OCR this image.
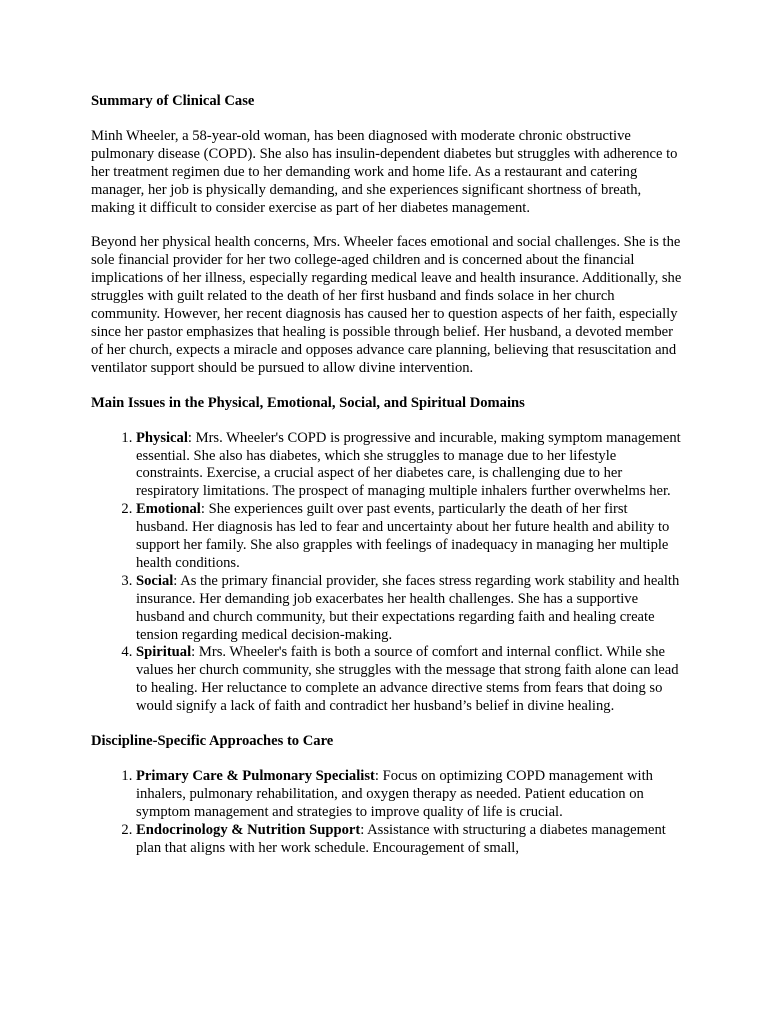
Summary of Clinical Case

Minh Wheeler, a 58-year-old woman, has been diagnosed with moderate chronic obstructive pulmonary disease (COPD). She also has insulin-dependent diabetes but struggles with adherence to her treatment regimen due to her demanding work and home life. As a restaurant and catering manager, her job is physically demanding, and she experiences significant shortness of breath, making it difficult to consider exercise as part of her diabetes management.

Beyond her physical health concerns, Mrs. Wheeler faces emotional and social challenges. She is the sole financial provider for her two college-aged children and is concerned about the financial implications of her illness, especially regarding medical leave and health insurance. Additionally, she struggles with guilt related to the death of her first husband and finds solace in her church community. However, her recent diagnosis has caused her to question aspects of her faith, especially since her pastor emphasizes that healing is possible through belief. Her husband, a devoted member of her church, expects a miracle and opposes advance care planning, believing that resuscitation and ventilator support should be pursued to allow divine intervention.

Main Issues in the Physical, Emotional, Social, and Spiritual Domains
1. Physical: Mrs. Wheeler's COPD is progressive and incurable, making symptom management essential. She also has diabetes, which she struggles to manage due to her lifestyle constraints. Exercise, a crucial aspect of her diabetes care, is challenging due to her respiratory limitations. The prospect of managing multiple inhalers further overwhelms her.
2. Emotional: She experiences guilt over past events, particularly the death of her first husband. Her diagnosis has led to fear and uncertainty about her future health and ability to support her family. She also grapples with feelings of inadequacy in managing her multiple health conditions.
3. Social: As the primary financial provider, she faces stress regarding work stability and health insurance. Her demanding job exacerbates her health challenges. She has a supportive husband and church community, but their expectations regarding faith and healing create tension regarding medical decision-making.
4. Spiritual: Mrs. Wheeler's faith is both a source of comfort and internal conflict. While she values her church community, she struggles with the message that strong faith alone can lead to healing. Her reluctance to complete an advance directive stems from fears that doing so would signify a lack of faith and contradict her husband’s belief in divine healing.
Discipline-Specific Approaches to Care
1. Primary Care & Pulmonary Specialist: Focus on optimizing COPD management with inhalers, pulmonary rehabilitation, and oxygen therapy as needed. Patient education on symptom management and strategies to improve quality of life is crucial.
2. Endocrinology & Nutrition Support: Assistance with structuring a diabetes management plan that aligns with her work schedule. Encouragement of small,
